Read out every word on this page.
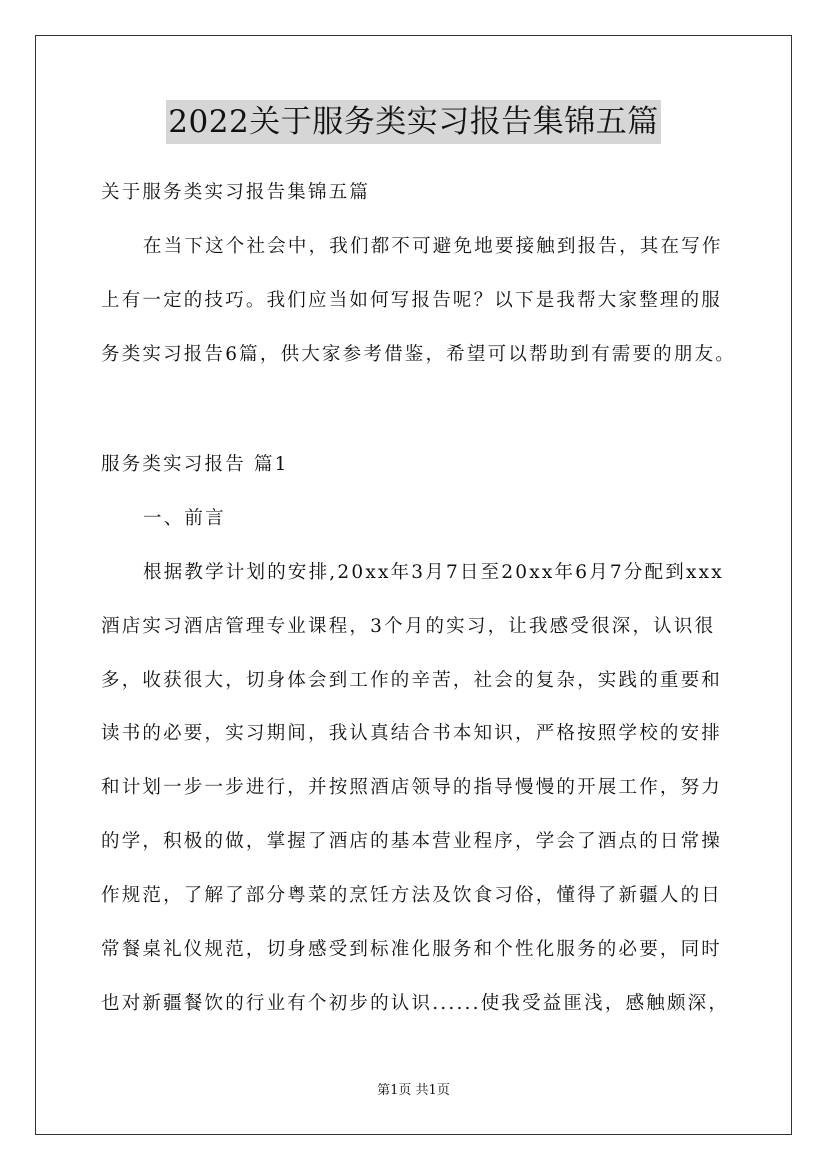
2022关于服务类实习报告集锦五篇
关于服务类实习报告集锦五篇
在当下这个社会中，我们都不可避免地要接触到报告，其在写作
上有一定的技巧。我们应当如何写报告呢？以下是我帮大家整理的服
务类实习报告6篇，供大家参考借鉴，希望可以帮助到有需要的朋友。
服务类实习报告 篇1
一、前言
根据教学计划的安排,20xx年3月7日至20xx年6月7分配到xxx
酒店实习酒店管理专业课程，3个月的实习，让我感受很深，认识很
多，收获很大，切身体会到工作的辛苦，社会的复杂，实践的重要和
读书的必要，实习期间，我认真结合书本知识，严格按照学校的安排
和计划一步一步进行，并按照酒店领导的指导慢慢的开展工作，努力
的学，积极的做，掌握了酒店的基本营业程序，学会了酒点的日常操
作规范，了解了部分粤菜的烹饪方法及饮食习俗，懂得了新疆人的日
常餐桌礼仪规范，切身感受到标准化服务和个性化服务的必要，同时
也对新疆餐饮的行业有个初步的认识......使我受益匪浅，感触颇深，
第1页 共1页
